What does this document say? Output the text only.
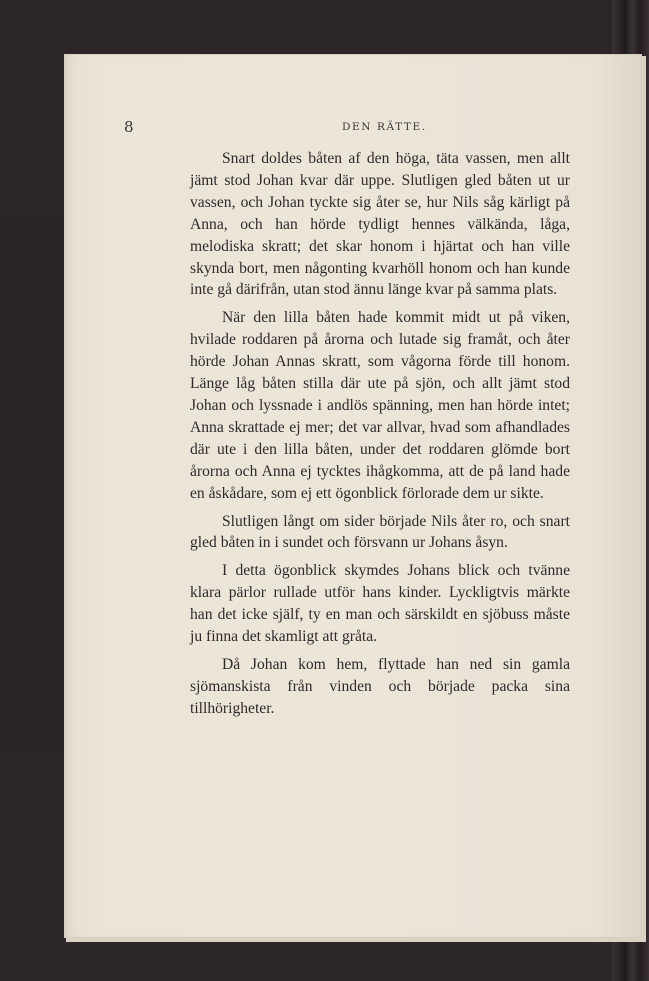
8	DEN RÄTTE.

Snart doldes båten af den höga, täta vassen, men allt jämt stod Johan kvar där uppe. Slutligen gled båten ut ur vassen, och Johan tyckte sig åter se, hur Nils såg kärligt på Anna, och han hörde tydligt hennes välkända, låga, melodiska skratt; det skar honom i hjärtat och han ville skynda bort, men någonting kvarhöll honom och han kunde inte gå därifrån, utan stod ännu länge kvar på samma plats.

När den lilla båten hade kommit midt ut på viken, hvilade roddaren på årorna och lutade sig framåt, och åter hörde Johan Annas skratt, som vågorna förde till honom. Länge låg båten stilla där ute på sjön, och allt jämt stod Johan och lyssnade i andlös spänning, men han hörde intet; Anna skrattade ej mer; det var allvar, hvad som afhandlades där ute i den lilla båten, under det roddaren glömde bort årorna och Anna ej tycktes ihågkomma, att de på land hade en åskådare, som ej ett ögonblick förlorade dem ur sikte.

Slutligen långt om sider började Nils åter ro, och snart gled båten in i sundet och försvann ur Johans åsyn.

I detta ögonblick skymdes Johans blick och tvänne klara pärlor rullade utför hans kinder. Lyckligtvis märkte han det icke själf, ty en man och särskildt en sjöbuss måste ju finna det skamligt att gråta.

Då Johan kom hem, flyttade han ned sin gamla sjömanskista från vinden och började packa sina tillhörigheter.
